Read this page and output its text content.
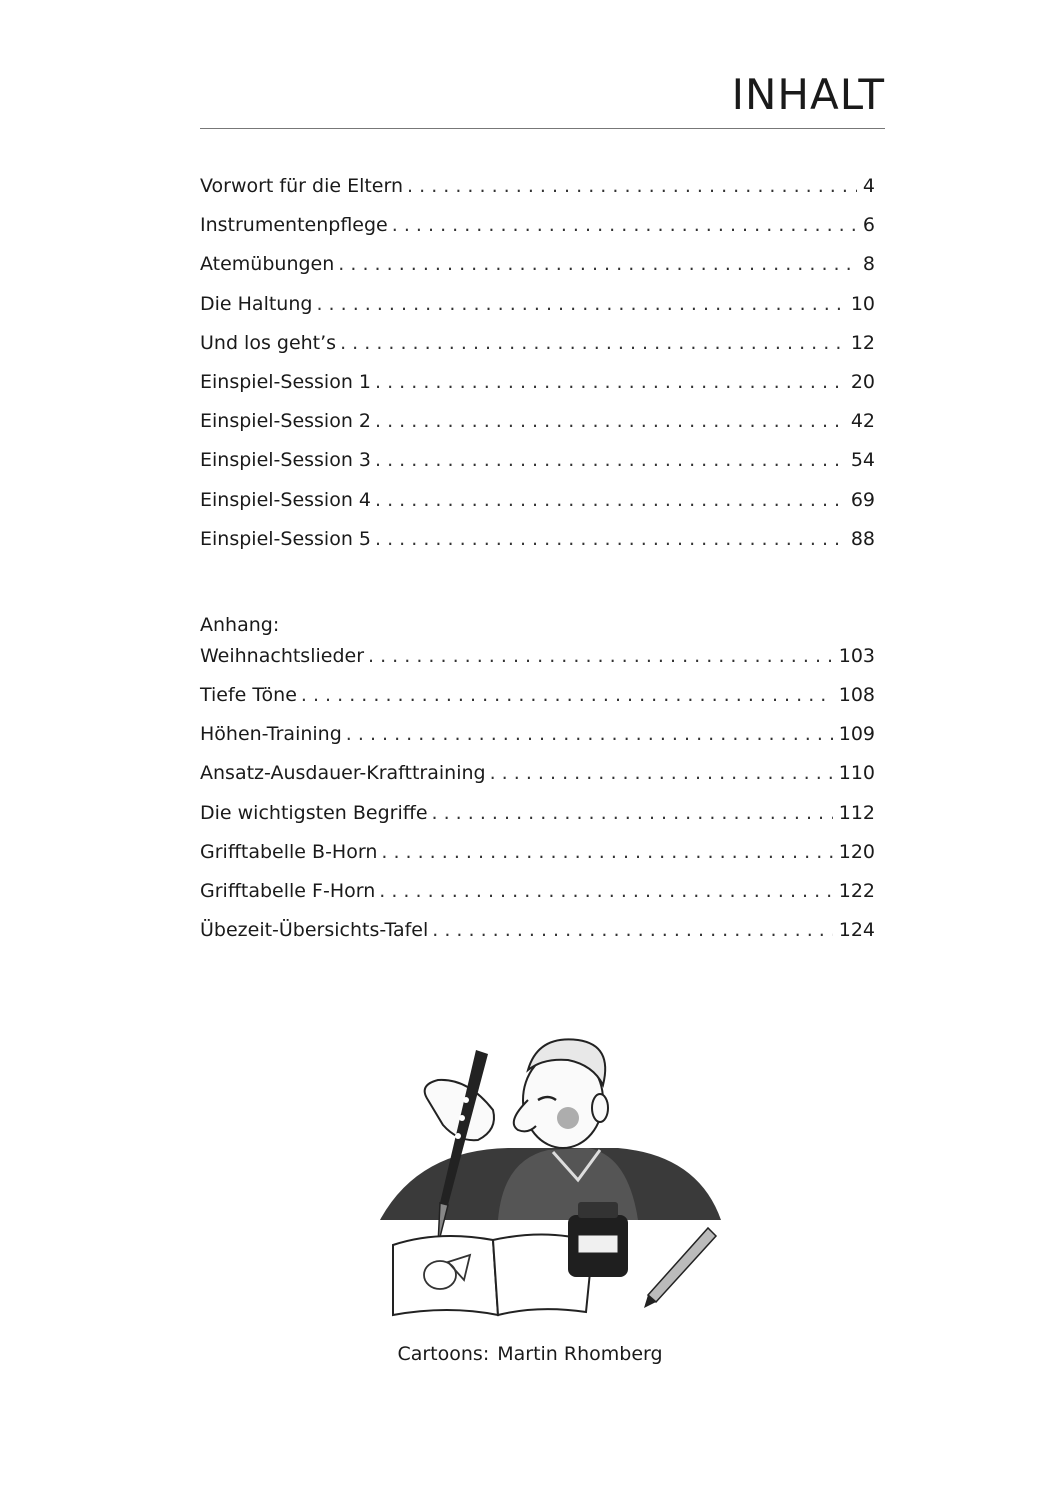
INHALT
Vorwort für die Eltern . . .	4
Instrumentenpflege . . .	6
Atemübungen . . .	8
Die Haltung . . .	10
Und los geht’s . . .	12
Einspiel-Session 1 . . .	20
Einspiel-Session 2 . . .	42
Einspiel-Session 3 . . .	54
Einspiel-Session 4 . . .	69
Einspiel-Session 5 . . .	88
Anhang:
Weihnachtslieder . . .	103
Tiefe Töne . . .	108
Höhen-Training . . .	109
Ansatz-Ausdauer-Krafttraining . . .	110
Die wichtigsten Begriffe . . .	112
Grifftabelle B-Horn . . .	120
Grifftabelle F-Horn . . .	122
Übezeit-Übersichts-Tafel . . .	124
Cartoons: Martin Rhomberg
